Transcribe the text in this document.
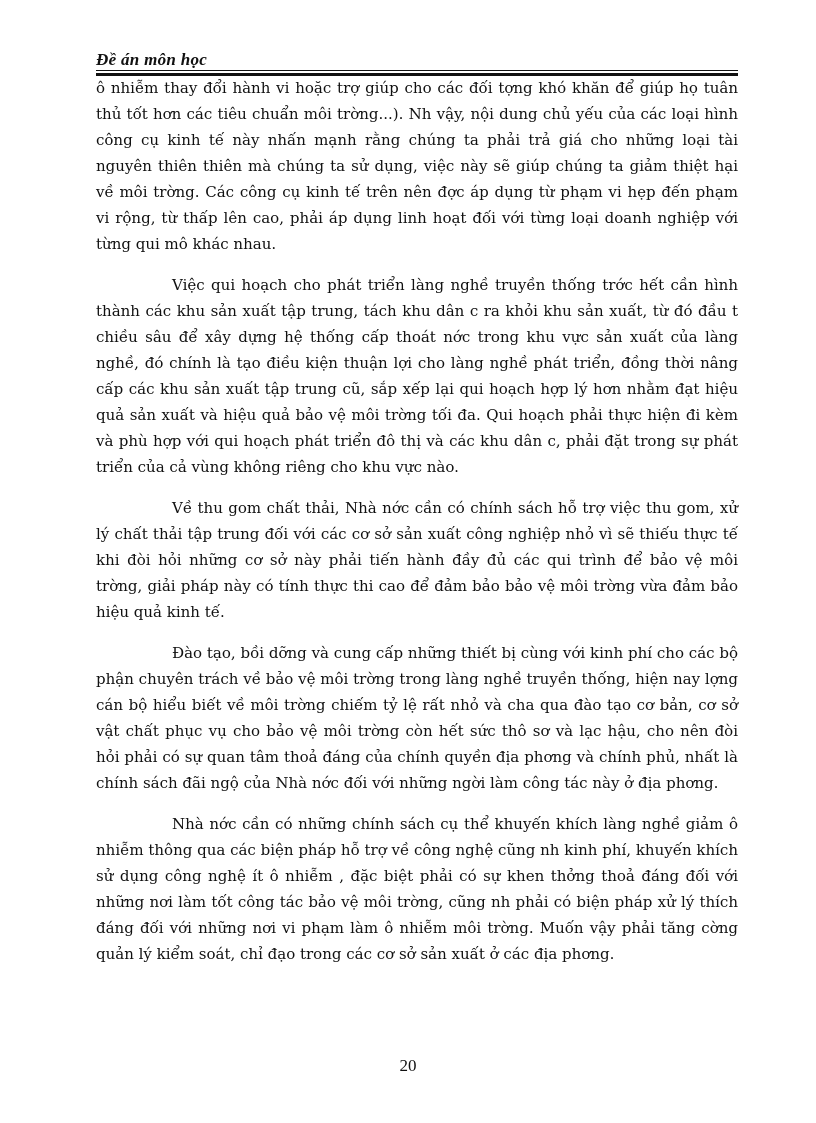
Đề án môn học

ô nhiễm thay đổi hành vi hoặc trợ giúp cho các đối tợng khó khăn để giúp họ tuân thủ tốt hơn các tiêu chuẩn môi trờng...). Nh vậy, nội dung chủ yếu của các loại hình công cụ kinh tế này nhấn mạnh rằng chúng ta phải trả giá cho những loại tài nguyên thiên thiên mà chúng ta sử dụng, việc này sẽ giúp chúng ta giảm thiệt hại về môi trờng. Các công cụ kinh tế trên nên đợc áp dụng từ phạm vi hẹp đến phạm vi rộng, từ thấp lên cao, phải áp dụng linh hoạt đối với từng loại doanh nghiệp với từng qui mô khác nhau.

Việc qui hoạch cho phát triển làng nghề truyền thống trớc hết cần hình thành các khu sản xuất tập trung, tách khu dân c ra khỏi khu sản xuất, từ đó đầu t chiều sâu để xây dựng hệ thống cấp thoát nớc trong khu vực sản xuất của làng nghề, đó chính là tạo điều kiện thuận lợi cho làng nghề phát triển, đồng thời nâng cấp các khu sản xuất tập trung cũ, sắp xếp lại qui hoạch hợp lý hơn nhằm đạt hiệu quả sản xuất và hiệu quả bảo vệ môi trờng tối đa. Qui hoạch phải thực hiện đi kèm và phù hợp với qui hoạch phát triển đô thị và các khu dân c, phải đặt trong sự phát triển của cả vùng không riêng cho khu vực nào.

Về thu gom chất thải, Nhà nớc cần có chính sách hỗ trợ việc thu gom, xử lý chất thải tập trung đối với các cơ sở sản xuất công nghiệp nhỏ vì sẽ thiếu thực tế khi đòi hỏi những cơ sở này phải tiến hành đầy đủ các qui trình để bảo vệ môi trờng, giải pháp này có tính thực thi cao để đảm bảo bảo vệ môi trờng vừa đảm bảo hiệu quả kinh tế.

Đào tạo, bồi dỡng và cung cấp những thiết bị cùng với kinh phí cho các bộ phận chuyên trách về bảo vệ môi trờng trong làng nghề truyền thống, hiện nay lợng cán bộ hiểu biết về môi trờng chiếm tỷ lệ rất nhỏ và cha qua đào tạo cơ bản, cơ sở vật chất phục vụ cho bảo vệ môi trờng còn hết sức thô sơ và lạc hậu, cho nên đòi hỏi phải có sự quan tâm thoả đáng của chính quyền địa phơng và chính phủ, nhất là chính sách đãi ngộ của Nhà nớc đối với những ngời làm công tác này ở địa phơng.

Nhà nớc cần có những chính sách cụ thể khuyến khích làng nghề giảm ô nhiễm thông qua các biện pháp hỗ trợ về công nghệ cũng nh kinh phí, khuyến khích sử dụng công nghệ ít ô nhiễm , đặc biệt phải có sự khen thởng thoả đáng đối với những nơi làm tốt công tác bảo vệ môi trờng, cũng nh phải có biện pháp xử lý thích đáng đối với những nơi vi phạm làm ô nhiễm môi trờng. Muốn vậy phải tăng cờng quản lý kiểm soát, chỉ đạo trong các cơ sở sản xuất ở các địa phơng.

20
